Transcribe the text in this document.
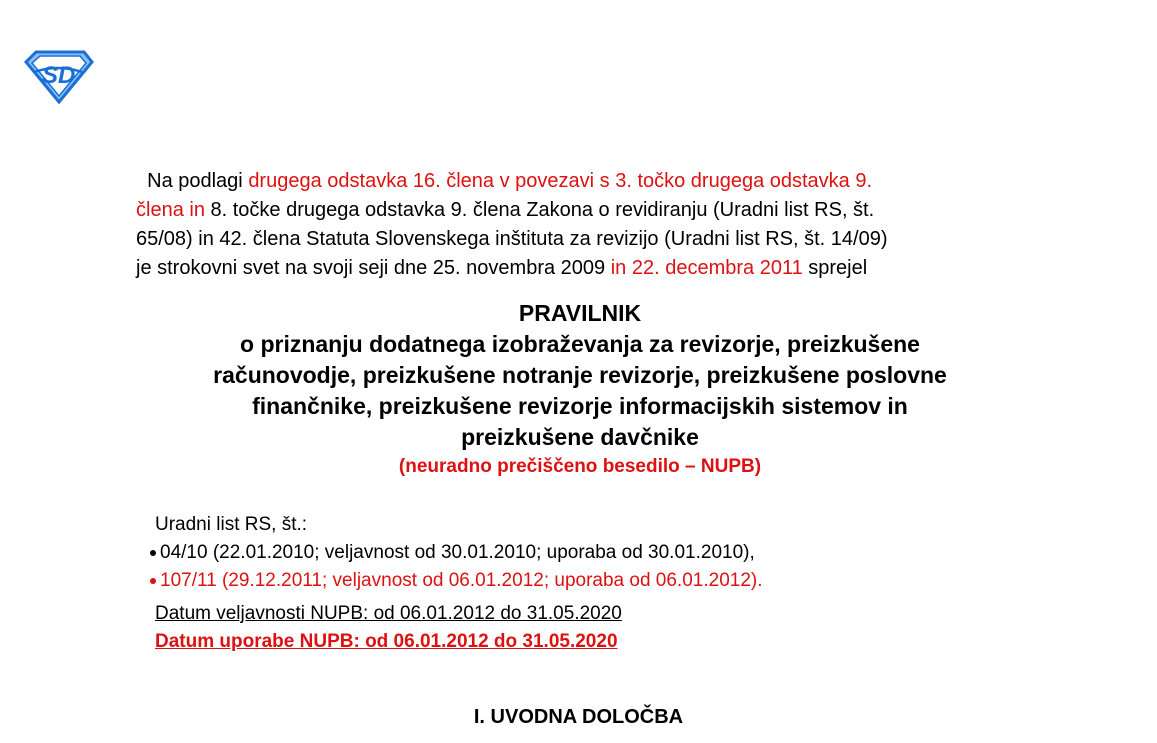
SD
Na podlagi drugega odstavka 16. člena v povezavi s 3. točko drugega odstavka 9.
člena in 8. točke drugega odstavka 9. člena Zakona o revidiranju (Uradni list RS, št.
65/08) in 42. člena Statuta Slovenskega inštituta za revizijo (Uradni list RS, št. 14/09)
je strokovni svet na svoji seji dne 25. novembra 2009 in 22. decembra 2011 sprejel
PRAVILNIK
o priznanju dodatnega izobraževanja za revizorje, preizkušene
računovodje, preizkušene notranje revizorje, preizkušene poslovne
finančnike, preizkušene revizorje informacijskih sistemov in
preizkušene davčnike
(neuradno prečiščeno besedilo – NUPB)
Uradni list RS, št.:
04/10 (22.01.2010; veljavnost od 30.01.2010; uporaba od 30.01.2010),
107/11 (29.12.2011; veljavnost od 06.01.2012; uporaba od 06.01.2012).
Datum veljavnosti NUPB: od 06.01.2012 do 31.05.2020
Datum uporabe NUPB: od 06.01.2012 do 31.05.2020
I. UVODNA DOLOČBA
